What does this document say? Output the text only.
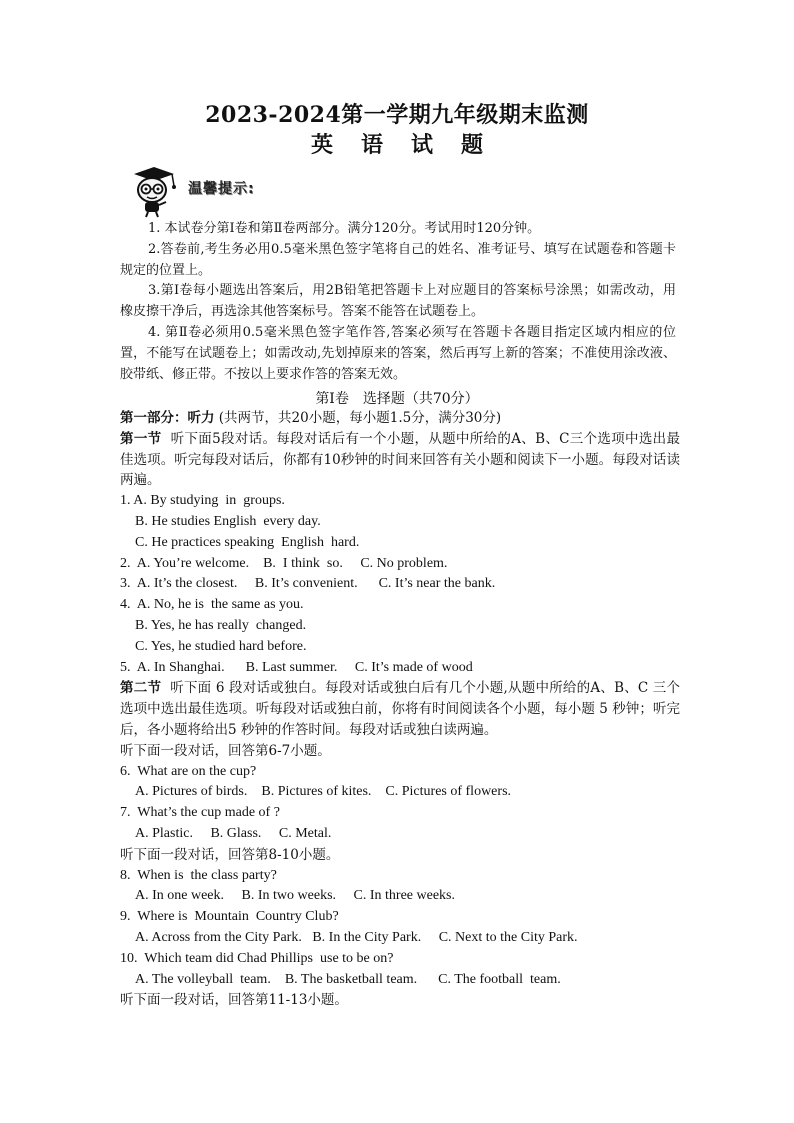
2023-2024第一学期九年级期末监测
英语试题
温馨提示:

1. 本试卷分第Ⅰ卷和第Ⅱ卷两部分。满分120分。考试用时120分钟。

2.答卷前,考生务必用0.5毫米黑色签字笔将自己的姓名、准考证号、填写在试题卷和答题卡规定的位置上。

3.第Ⅰ卷每小题选出答案后，用2B铅笔把答题卡上对应题目的答案标号涂黑；如需改动，用橡皮擦干净后，再选涂其他答案标号。答案不能答在试题卷上。

4. 第Ⅱ卷必须用0.5毫米黑色签字笔作答,答案必须写在答题卡各题目指定区域内相应的位置，不能写在试题卷上；如需改动,先划掉原来的答案，然后再写上新的答案；不准使用涂改液、胶带纸、修正带。不按以上要求作答的答案无效。

第Ⅰ卷　选择题（共70分）

第一部分：听力 (共两节，共20小题，每小题1.5分，满分30分)

第一节  听下面5段对话。每段对话后有一个小题，从题中所给的A、B、C三个选项中选出最佳选项。听完每段对话后，你都有10秒钟的时间来回答有关小题和阅读下一小题。每段对话读两遍。

1. A. By studying  in  groups.

B. He studies English  every day.

C. He practices speaking  English  hard.

2.  A. You’re welcome.    B.  I think  so.     C. No problem.

3.  A. It’s the closest.     B. It’s convenient.      C. It’s near the bank.

4.  A. No, he is  the same as you.

B. Yes, he has really  changed.

C. Yes, he studied hard before.

5.  A. In Shanghai.      B. Last summer.     C. It’s made of wood

第二节  听下面 6 段对话或独白。每段对话或独白后有几个小题,从题中所给的A、B、C 三个选项中选出最佳选项。听每段对话或独白前，你将有时间阅读各个小题，每小题 5 秒钟；听完后，各小题将给出5 秒钟的作答时间。每段对话或独白读两遍。

听下面一段对话，回答第6-7小题。

6.  What are on the cup?

A. Pictures of birds.    B. Pictures of kites.    C. Pictures of flowers.

7.  What’s the cup made of ?

A. Plastic.     B. Glass.     C. Metal.

听下面一段对话，回答第8-10小题。

8.  When is  the class party?

A. In one week.     B. In two weeks.     C. In three weeks.

9.  Where is  Mountain  Country Club?

A. Across from the City Park.   B. In the City Park.     C. Next to the City Park.

10.  Which team did Chad Phillips  use to be on?

A. The volleyball  team.    B. The basketball team.      C. The football  team.

听下面一段对话，回答第11-13小题。
